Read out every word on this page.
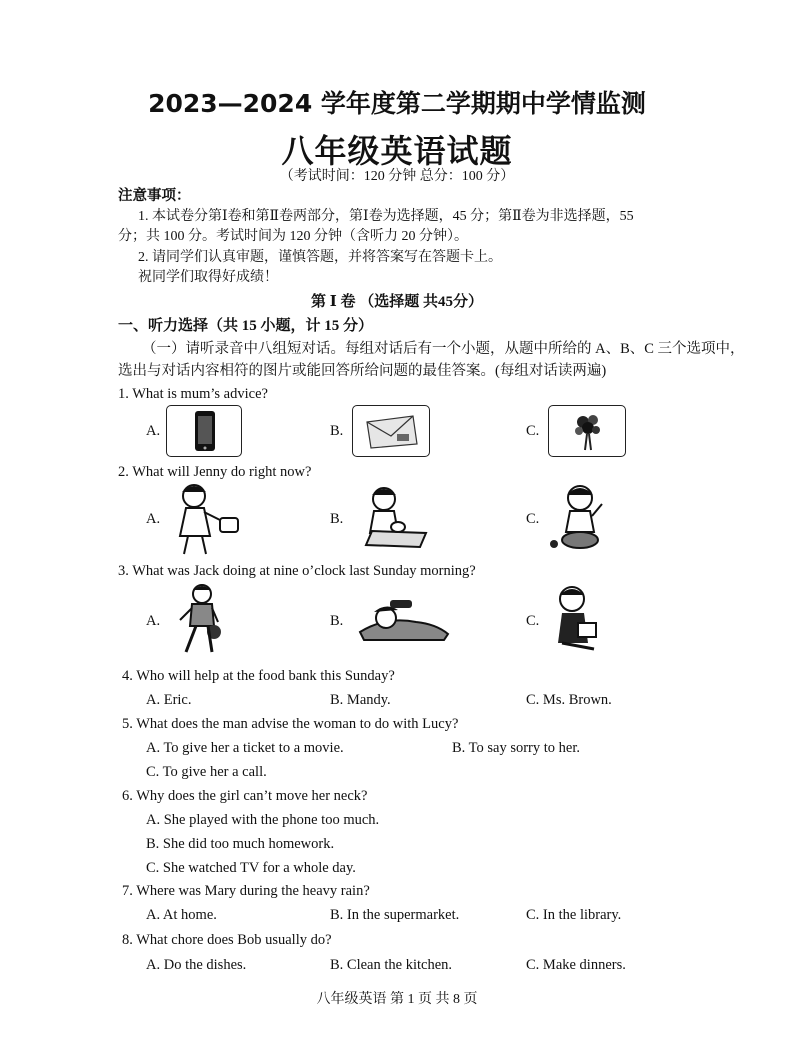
2023—2024 学年度第二学期期中学情监测
八年级英语试题
（考试时间：120 分钟 总分：100 分）
注意事项：
1. 本试卷分第Ⅰ卷和第Ⅱ卷两部分，第Ⅰ卷为选择题，45 分；第Ⅱ卷为非选择题，55
分；共 100 分。考试时间为 120 分钟（含听力 20 分钟）。
2. 请同学们认真审题，谨慎答题，并将答案写在答题卡上。
祝同学们取得好成绩！
第 Ⅰ 卷 （选择题 共45分）
一、听力选择（共 15 小题，计 15 分）
（一）请听录音中八组短对话。每组对话后有一个小题，从题中所给的 A、B、C 三个选项中，
选出与对话内容相符的图片或能回答所给问题的最佳答案。(每组对话读两遍)
1. What is mum’s advice?
A.	B.	C.
2. What will Jenny do right now?
A.	B.	C.
3. What was Jack doing at nine o’clock last Sunday morning?
A.	B.	C.
4. Who will help at the food bank this Sunday?
A. Eric.	B. Mandy.	C. Ms. Brown.
5. What does the man advise the woman to do with Lucy?
A. To give her a ticket to a movie.	B. To say sorry to her.
C. To give her a call.
6. Why does the girl can’t move her neck?
A. She played with the phone too much.
B. She did too much homework.
C. She watched TV for a whole day.
7. Where was Mary during the heavy rain?
A. At home.	B. In the supermarket.	C. In the library.
8. What chore does Bob usually do?
A. Do the dishes.	B. Clean the kitchen.	C. Make dinners.
八年级英语 第 1 页 共 8 页
